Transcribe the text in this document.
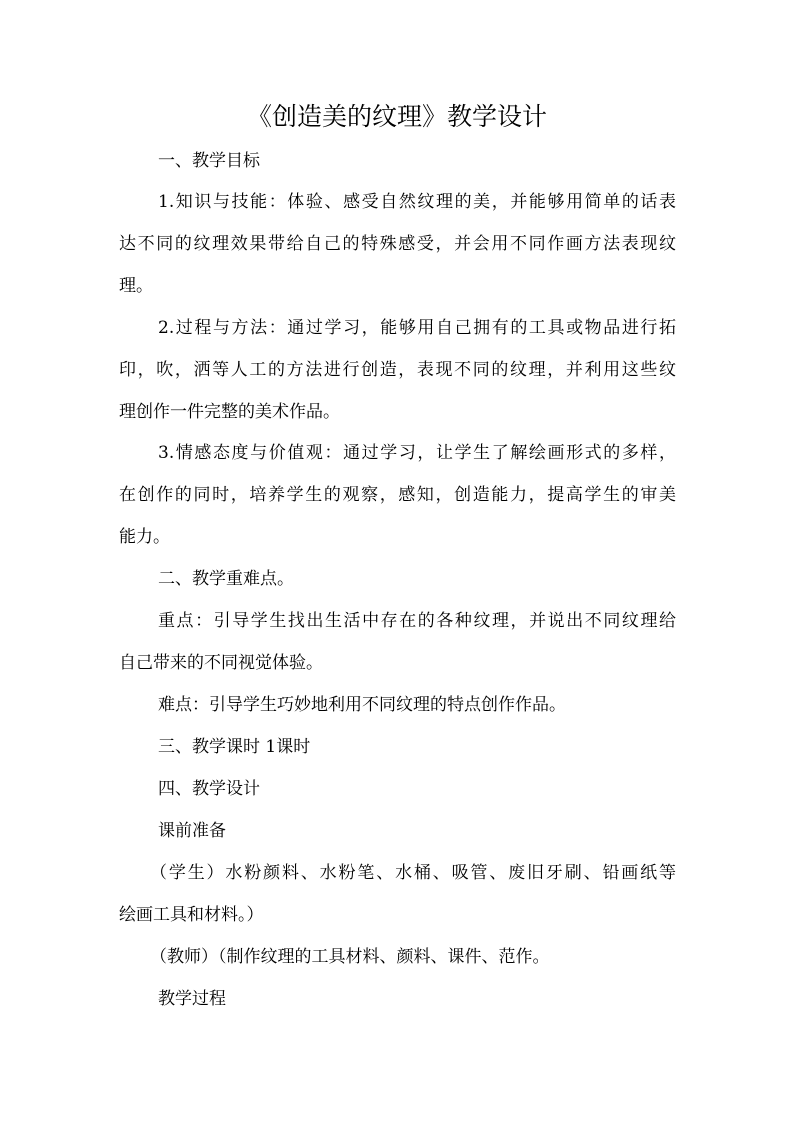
《创造美的纹理》教学设计
一、教学目标
1.知识与技能：体验、感受自然纹理的美，并能够用简单的话表
达不同的纹理效果带给自己的特殊感受，并会用不同作画方法表现纹
理。
2.过程与方法：通过学习，能够用自己拥有的工具或物品进行拓
印，吹，洒等人工的方法进行创造，表现不同的纹理，并利用这些纹
理创作一件完整的美术作品。
3.情感态度与价值观：通过学习，让学生了解绘画形式的多样，
在创作的同时，培养学生的观察，感知，创造能力，提高学生的审美
能力。
二、教学重难点。
重点：引导学生找出生活中存在的各种纹理，并说出不同纹理给
自己带来的不同视觉体验。
难点：引导学生巧妙地利用不同纹理的特点创作作品。
三、教学课时 1课时
四、教学设计
课前准备
（学生）水粉颜料、水粉笔、水桶、吸管、废旧牙刷、铅画纸等
绘画工具和材料。）
（教师）（制作纹理的工具材料、颜料、课件、范作。
教学过程
